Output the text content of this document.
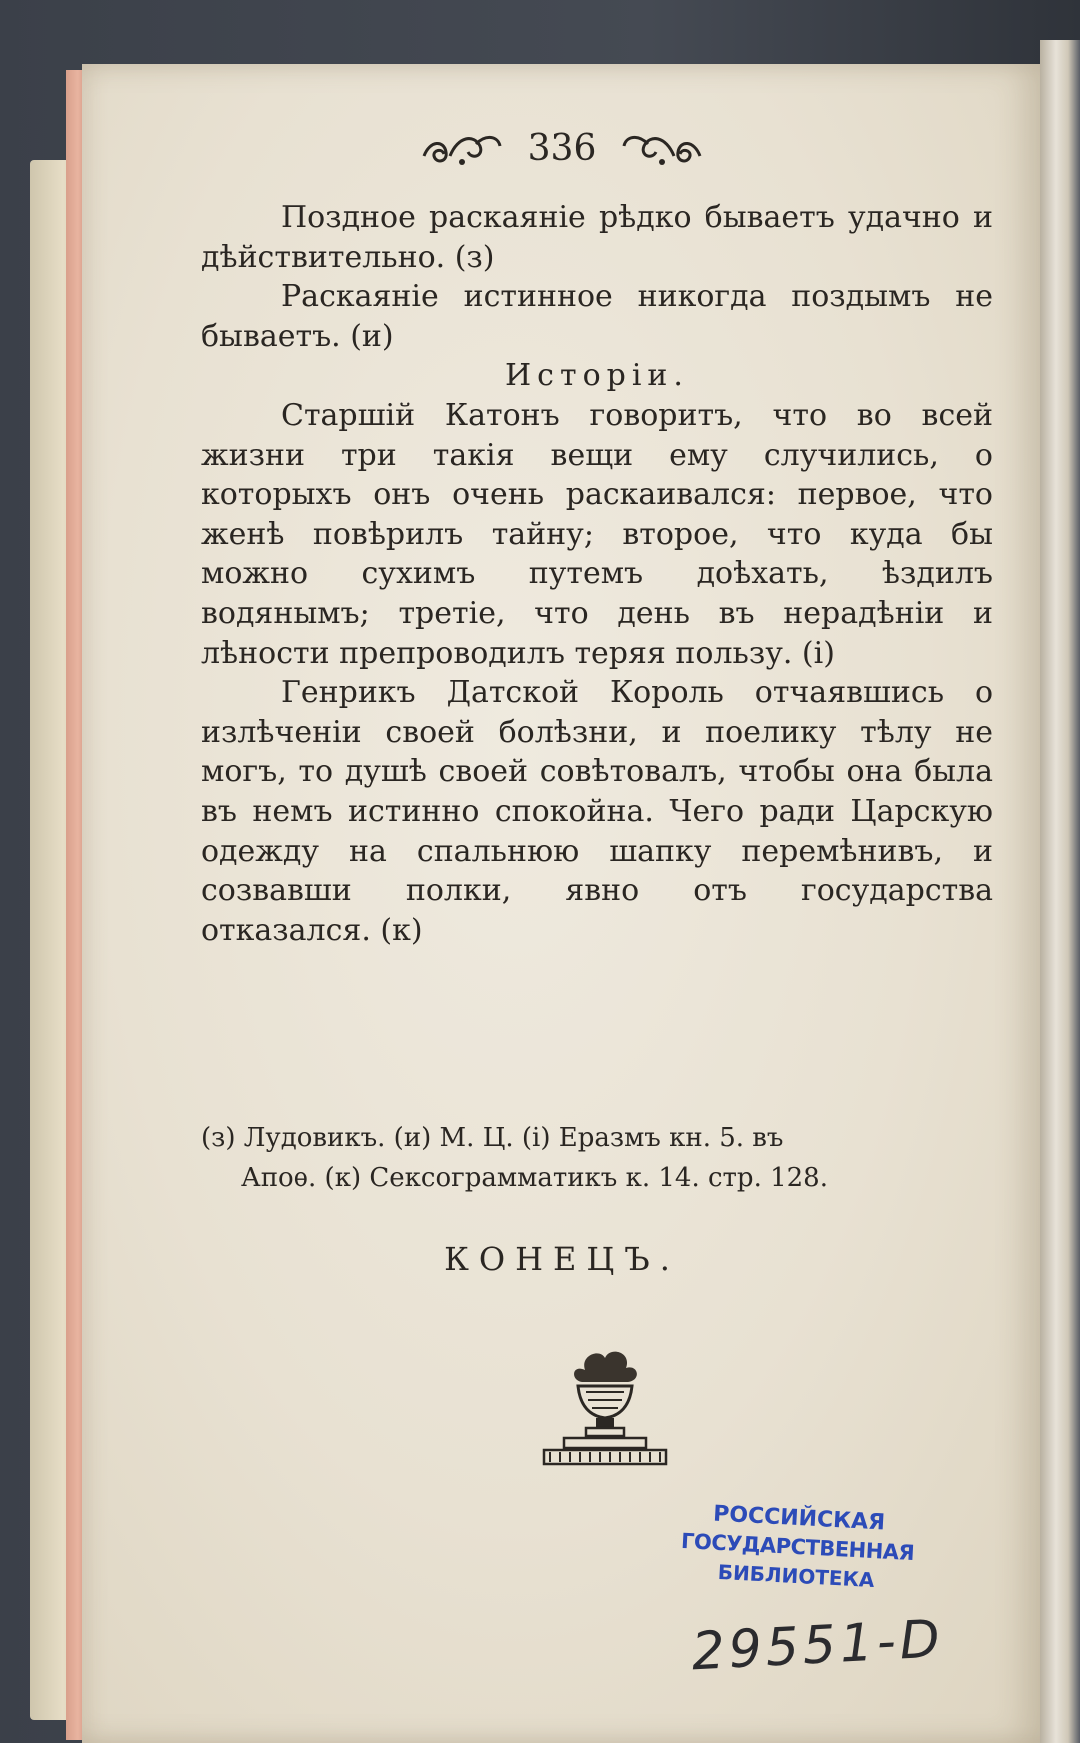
336

Поздное раскаяніе рѣдко бываетъ удачно и дѣйствительно. (з)

Раскаяніе истинное никогда поздымъ не бываетъ. (и)

Исторіи.

Старшій Катонъ говоритъ, что во всей жизни три такія вещи ему случились, о которыхъ онъ очень раскаивался: первое, что женѣ повѣрилъ тайну; второе, что куда бы можно сухимъ путемъ доѣхать, ѣздилъ водянымъ; третіе, что день въ нерадѣніи и лѣности препроводилъ теряя пользу. (і)

Генрикъ Датской Король отчаявшись о излѣченіи своей болѣзни, и поелику тѣлу не могъ, то душѣ своей совѣтовалъ, чтобы она была въ немъ истинно спокойна. Чего ради Царскую одежду на спальнюю шапку перемѣнивъ, и созвавши полки, явно отъ государства отказался. (к)

(з) Лудовикъ. (и) М. Ц. (і) Еразмъ кн. 5. въ

Апоѳ. (к) Сексограмматикъ к. 14. стр. 128.

КОНЕЦЪ.
РОССИЙСКАЯ
ГОСУДАРСТВЕННАЯ
БИБЛИОТЕКА
29551-D
